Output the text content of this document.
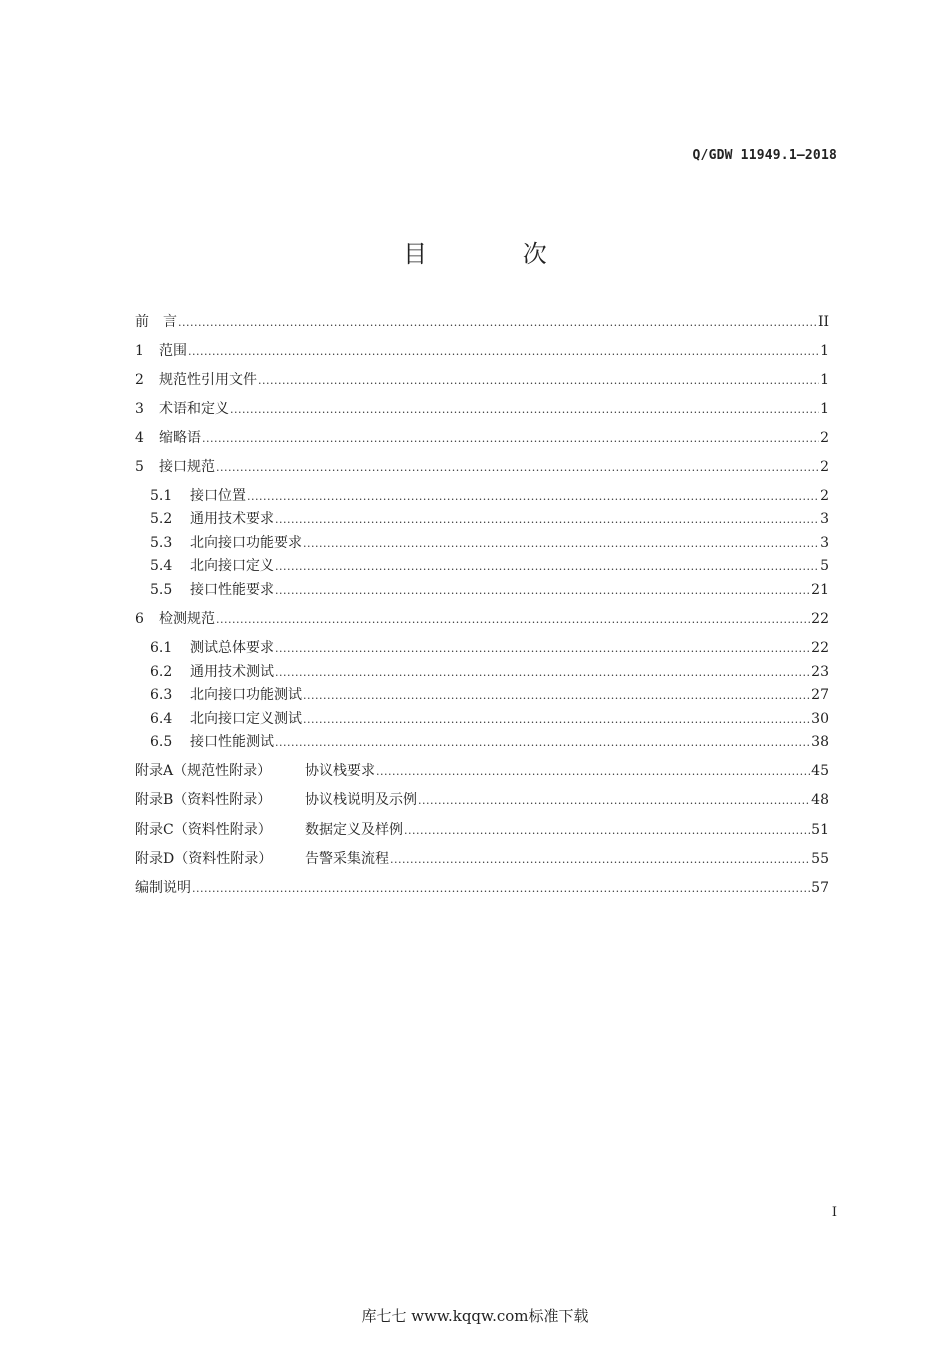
Q/GDW 11949.1—2018
目 次
前　言 .....	II
1	范围 .....	1
2	规范性引用文件 .....	1
3	术语和定义 .....	1
4	缩略语 .....	2
5	接口规范 .....	2
5.1	接口位置 .....	2
5.2	通用技术要求 .....	3
5.3	北向接口功能要求 .....	3
5.4	北向接口定义 .....	5
5.5	接口性能要求 .....	21
6	检测规范 .....	22
6.1	测试总体要求 .....	22
6.2	通用技术测试 .....	23
6.3	北向接口功能测试 .....	27
6.4	北向接口定义测试 .....	30
6.5	接口性能测试 .....	38
附录A（规范性附录）	协议栈要求 .....	45
附录B（资料性附录）	协议栈说明及示例 .....	48
附录C（资料性附录）	数据定义及样例 .....	51
附录D（资料性附录）	告警采集流程 .....	55
编制说明 .....	57
I
库七七 www.kqqw.com标准下载
